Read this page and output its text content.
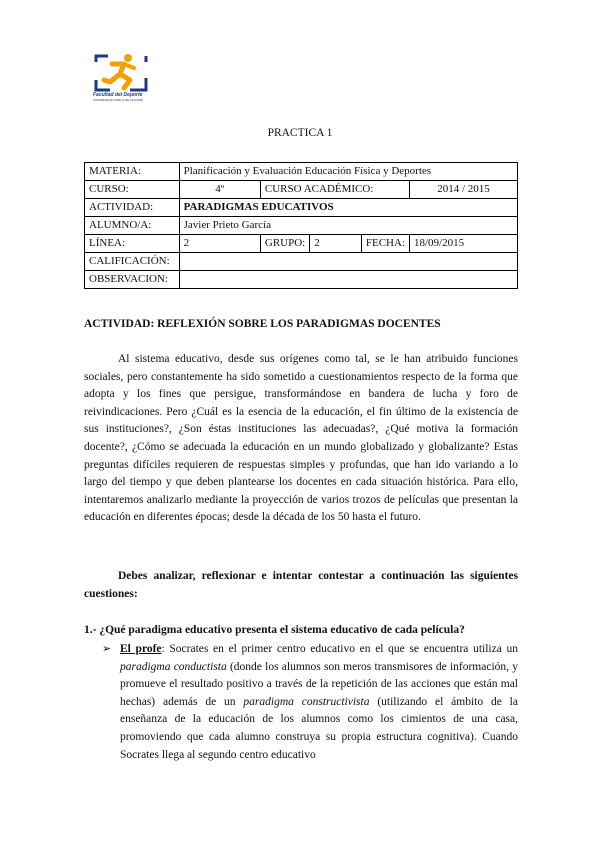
Facultad del Deporte
UNIVERSIDAD PABLO DE OLAVIDE
PRACTICA 1
MATERIA:	Planificación y Evaluación Educación Física y Deportes				
CURSO:	4º	CURSO ACADÉMICO:			2014 / 2015
ACTIVIDAD:	PARADIGMAS EDUCATIVOS				
ALUMNO/A:	Javier Prieto García				
LÍNEA:	2	GRUPO:	2	FECHA:	18/09/2015
CALIFICACIÓN:					
OBSERVACION:					
ACTIVIDAD: REFLEXIÓN SOBRE LOS PARADIGMAS DOCENTES
Al sistema educativo, desde sus orígenes como tal, se le han atribuido funciones sociales, pero constantemente ha sido sometido a cuestionamientos respecto de la forma que adopta y los fines que persigue, transformándose en bandera de lucha y foro de reivindicaciones. Pero ¿Cuál es la esencia de la educación, el fin último de la existencia de sus instituciones?, ¿Son éstas instituciones las adecuadas?, ¿Qué motiva la formación docente?, ¿Cómo se adecuada la educación en un mundo globalizado y globalizante? Estas preguntas difíciles requieren de respuestas simples y profundas, que han ido variando a lo largo del tiempo y que deben plantearse los docentes en cada situación histórica. Para ello, intentaremos analizarlo mediante la proyección de varios trozos de películas que presentan la educación en diferentes épocas; desde la década de los 50 hasta el futuro.
Debes analizar, reflexionar e intentar contestar a continuación las siguientes cuestiones:
1.- ¿Qué paradigma educativo presenta el sistema educativo de cada película?
➢ El profe: Socrates en el primer centro educativo en el que se encuentra utiliza un paradigma conductista (donde los alumnos son meros transmisores de información, y promueve el resultado positivo a través de la repetición de las acciones que están mal hechas) además de un paradigma constructivista (utilizando el ámbito de la enseñanza de la educación de los alumnos como los cimientos de una casa, promoviendo que cada alumno construya su propia estructura cognitiva). Cuando Socrates llega al segundo centro educativo
